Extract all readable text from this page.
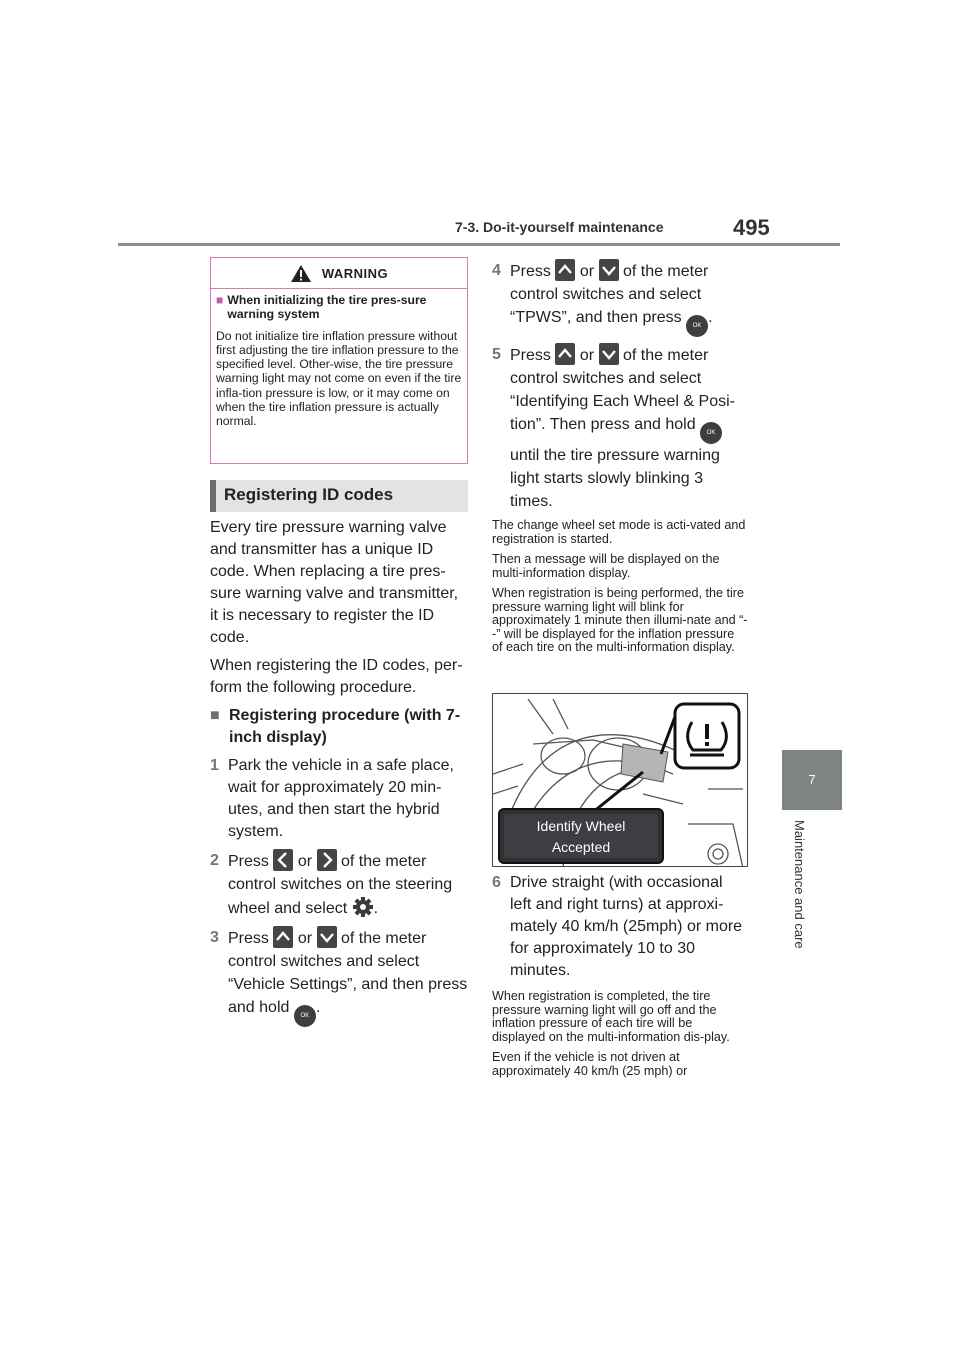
7-3. Do-it-yourself maintenance	495
7
Maintenance and care
WARNING
■ When initializing the tire pres-sure warning system
Do not initialize tire inflation pressure without first adjusting the tire inflation pressure to the specified level. Other-wise, the tire pressure warning light may not come on even if the tire infla-tion pressure is low, or it may come on when the tire inflation pressure is actually normal.
Registering ID codes

Every tire pressure warning valve and transmitter has a unique ID code. When replacing a tire pres-sure warning valve and transmitter, it is necessary to register the ID code.

When registering the ID codes, per-form the following procedure.

■ Registering procedure (with 7-inch display)
1 Park the vehicle in a safe place, wait for approximately 20 min-utes, and then start the hybrid system.
2 Press or of the meter control switches on the steering wheel and select .
3 Press or of the meter control switches and select “Vehicle Settings”, and then press and hold OK .
4 Press or of the meter control switches and select “TPWS”, and then press OK .
5 Press or of the meter control switches and select “Identifying Each Wheel & Posi-tion”. Then press and hold OK until the tire pressure warning light starts slowly blinking 3 times.

The change wheel set mode is acti-vated and registration is started.

Then a message will be displayed on the multi-information display.

When registration is being performed, the tire pressure warning light will blink for approximately 1 minute then illumi-nate and “--” will be displayed for the inflation pressure of each tire on the multi-information display.

Identify Wheel
Accepted
6 Drive straight (with occasional left and right turns) at approxi-mately 40 km/h (25mph) or more for approximately 10 to 30 minutes.

When registration is completed, the tire pressure warning light will go off and the inflation pressure of each tire will be displayed on the multi-information dis-play.

Even if the vehicle is not driven at approximately 40 km/h (25 mph) or
